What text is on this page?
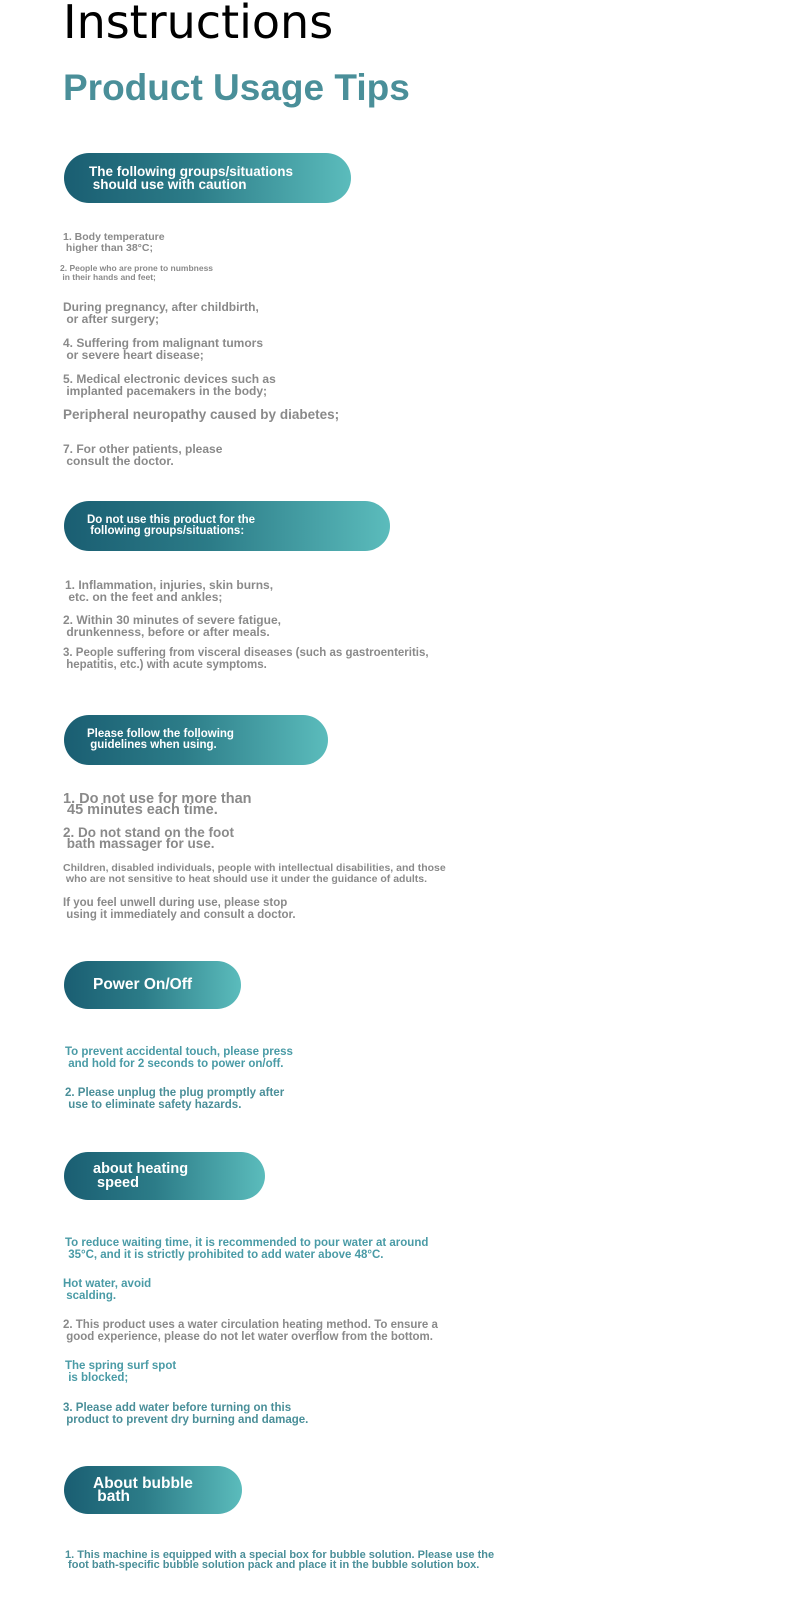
Instructions
Product Usage Tips
The following groups/situations
should use with caution
1. Body temperature
higher than 38°C;
2. People who are prone to numbness
in their hands and feet;
During pregnancy, after childbirth,
or after surgery;
4. Suffering from malignant tumors
or severe heart disease;
5. Medical electronic devices such as
implanted pacemakers in the body;
Peripheral neuropathy caused by diabetes;
7. For other patients, please
consult the doctor.
Do not use this product for the
following groups/situations:
1. Inflammation, injuries, skin burns,
etc. on the feet and ankles;
2. Within 30 minutes of severe fatigue,
drunkenness, before or after meals.
3. People suffering from visceral diseases (such as gastroenteritis,
hepatitis, etc.) with acute symptoms.
Please follow the following
guidelines when using.
1. Do not use for more than
45 minutes each time.
2. Do not stand on the foot
bath massager for use.
Children, disabled individuals, people with intellectual disabilities, and those
who are not sensitive to heat should use it under the guidance of adults.
If you feel unwell during use, please stop
using it immediately and consult a doctor.
Power On/Off
To prevent accidental touch, please press
and hold for 2 seconds to power on/off.
2. Please unplug the plug promptly after
use to eliminate safety hazards.
about heating
speed
To reduce waiting time, it is recommended to pour water at around
35°C, and it is strictly prohibited to add water above 48°C.
Hot water, avoid
scalding.
2. This product uses a water circulation heating method. To ensure a
good experience, please do not let water overflow from the bottom.
The spring surf spot
is blocked;
3. Please add water before turning on this
product to prevent dry burning and damage.
About bubble
bath
1. This machine is equipped with a special box for bubble solution. Please use the
foot bath-specific bubble solution pack and place it in the bubble solution box.
